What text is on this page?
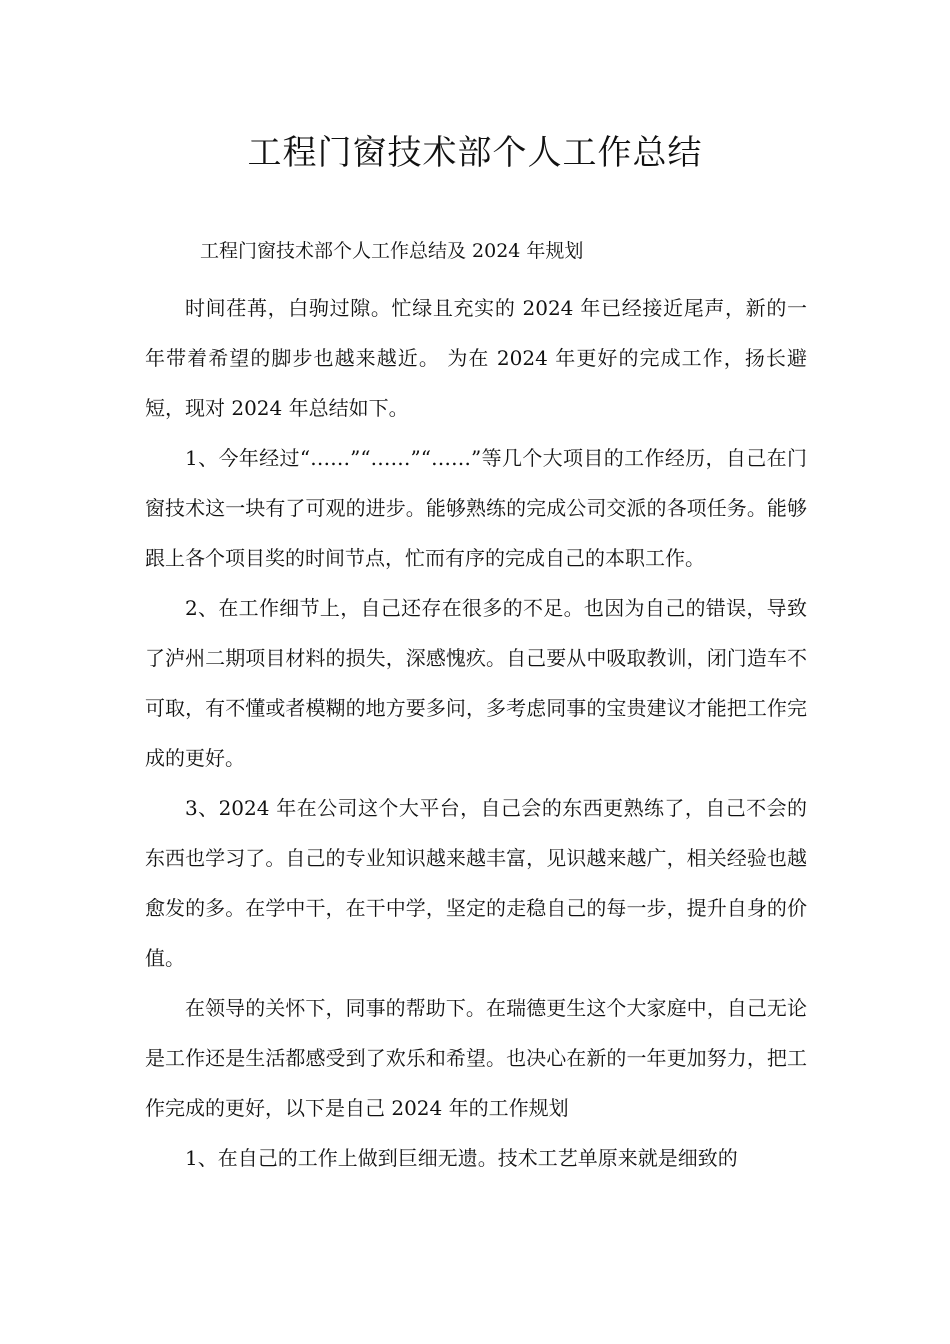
工程门窗技术部个人工作总结

工程门窗技术部个人工作总结及 2024 年规划

时间荏苒，白驹过隙。忙绿且充实的 2024 年已经接近尾声，新的一年带着希望的脚步也越来越近。 为在 2024 年更好的完成工作，扬长避短，现对 2024 年总结如下。

1、今年经过“……”“……”“……”等几个大项目的工作经历，自己在门窗技术这一块有了可观的进步。能够熟练的完成公司交派的各项任务。能够跟上各个项目奖的时间节点，忙而有序的完成自己的本职工作。

2、在工作细节上，自己还存在很多的不足。也因为自己的错误，导致了泸州二期项目材料的损失，深感愧疚。自己要从中吸取教训，闭门造车不可取，有不懂或者模糊的地方要多问，多考虑同事的宝贵建议才能把工作完成的更好。

3、2024 年在公司这个大平台，自己会的东西更熟练了，自己不会的东西也学习了。自己的专业知识越来越丰富，见识越来越广，相关经验也越愈发的多。在学中干，在干中学，坚定的走稳自己的每一步，提升自身的价值。

在领导的关怀下，同事的帮助下。在瑞德更生这个大家庭中，自己无论是工作还是生活都感受到了欢乐和希望。也决心在新的一年更加努力，把工作完成的更好，以下是自己 2024 年的工作规划

1、在自己的工作上做到巨细无遗。技术工艺单原来就是细致的
